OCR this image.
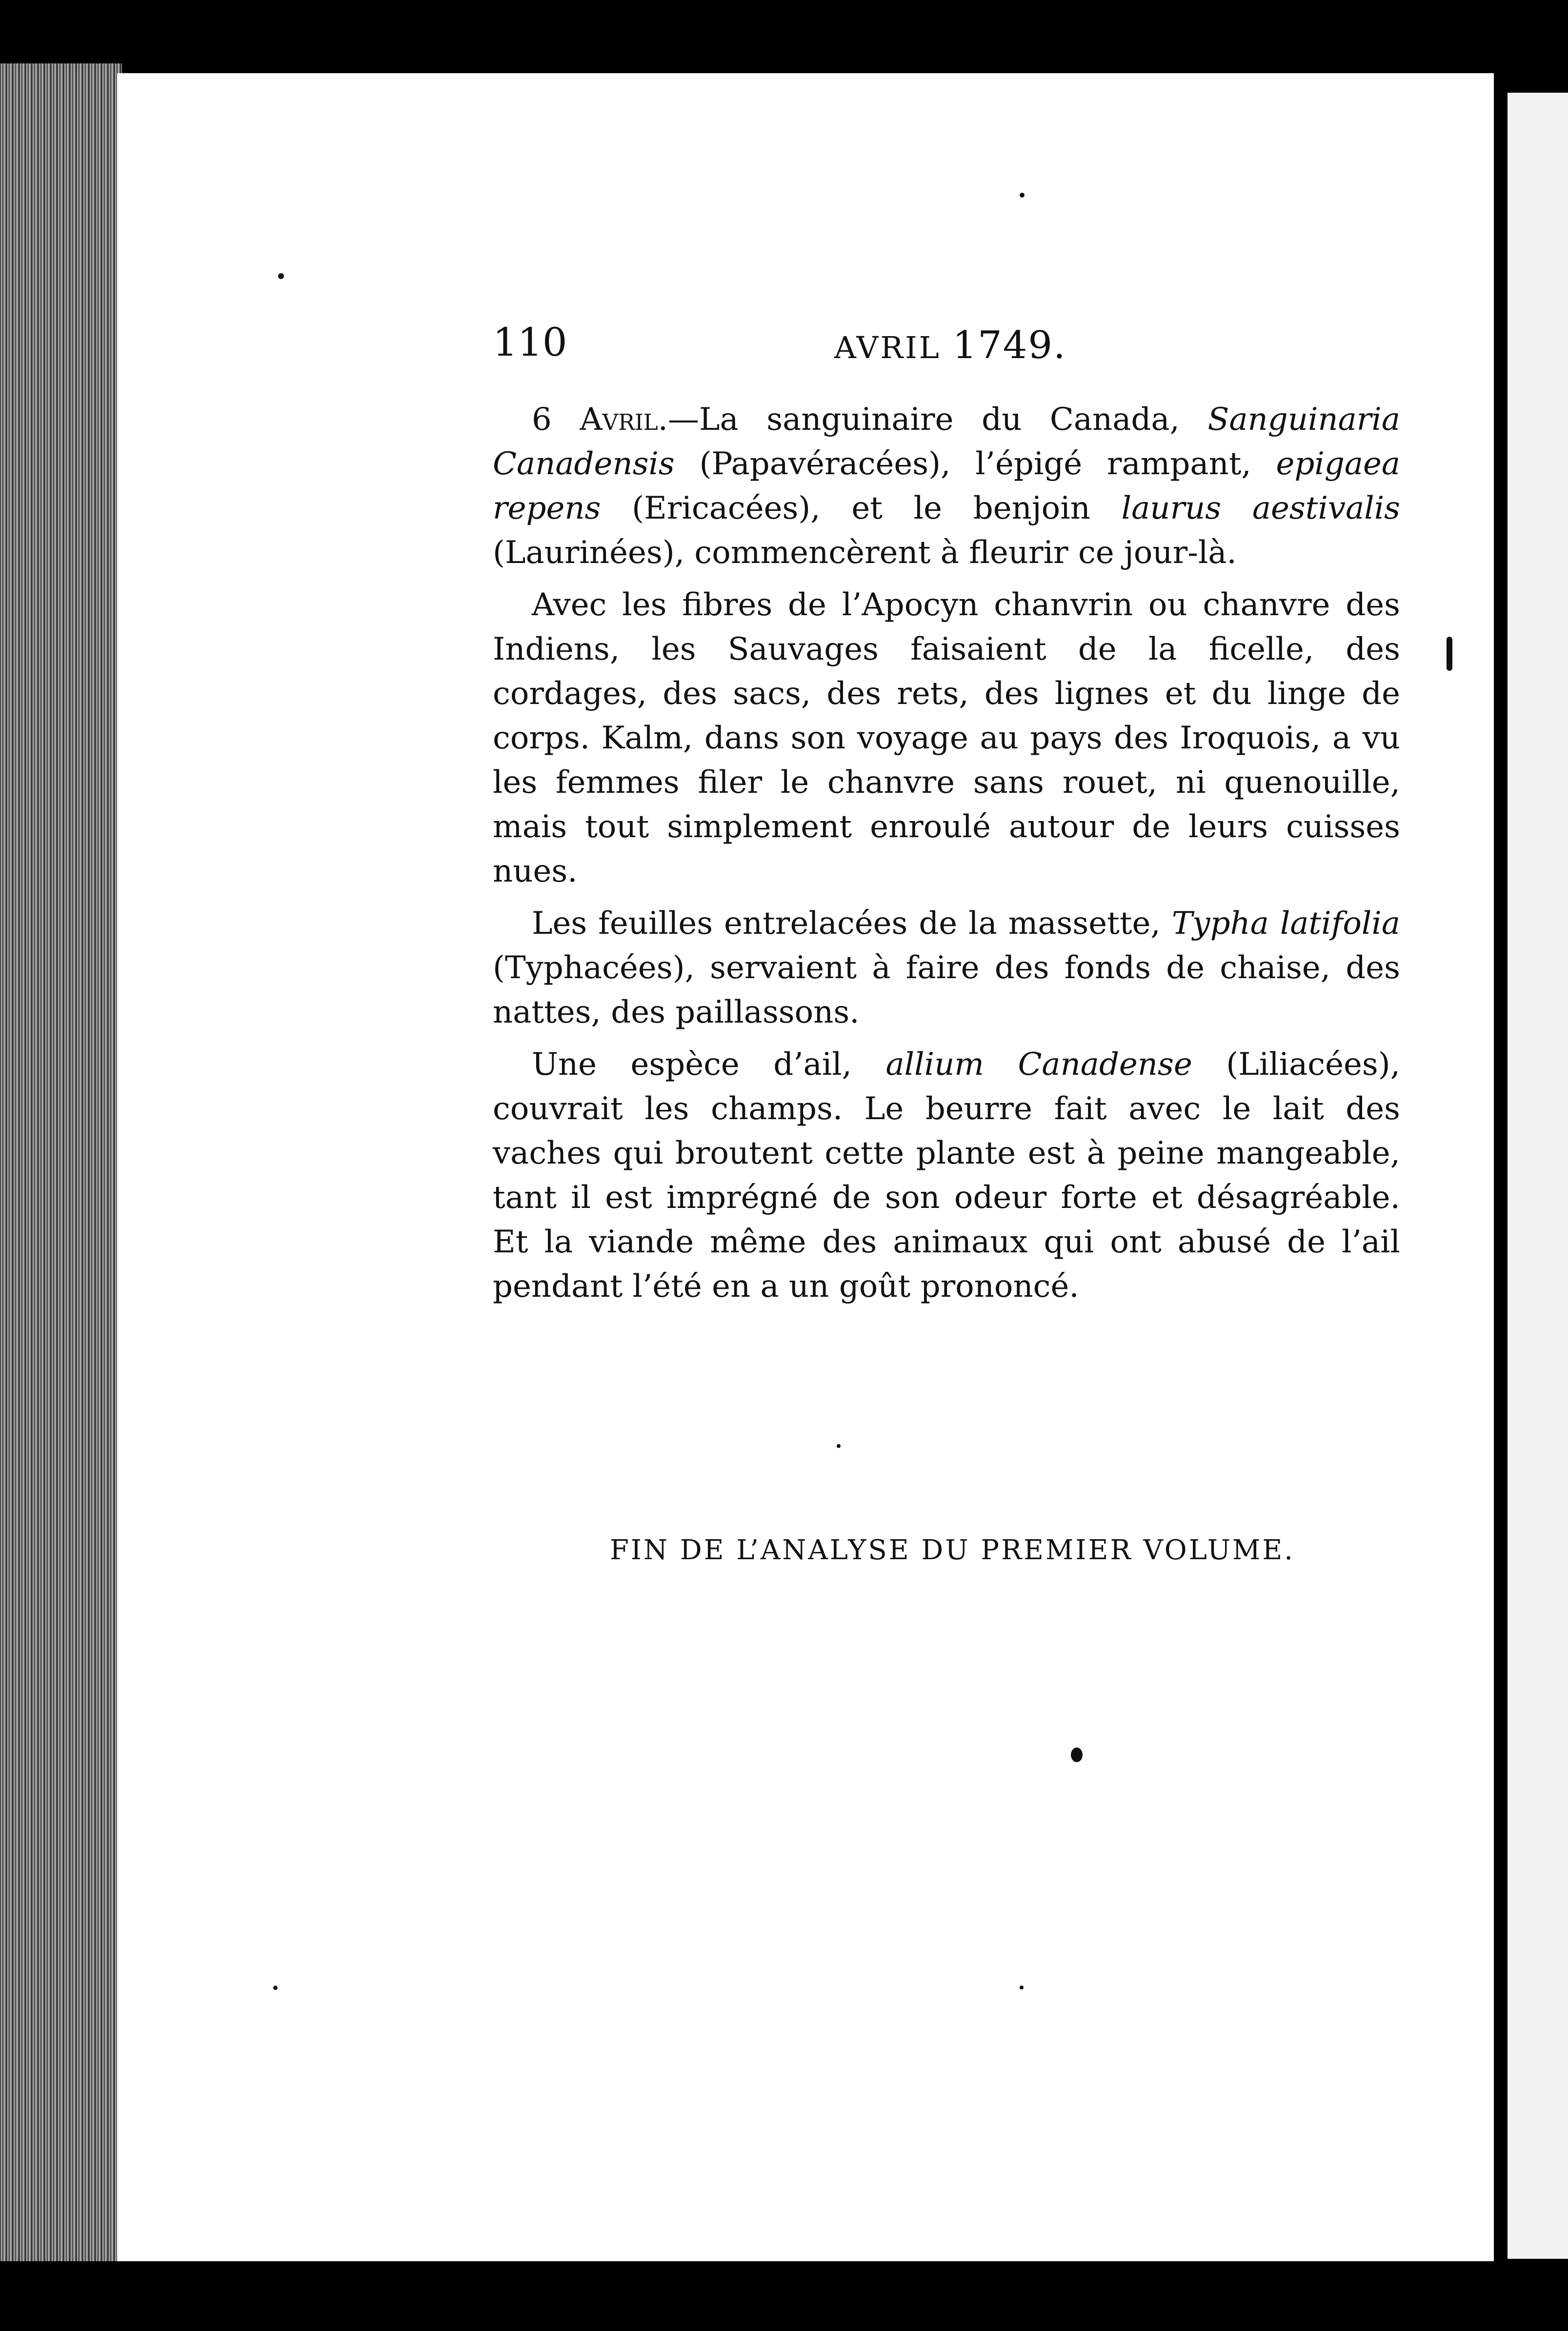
110	AVRIL 1749.

6 Avril.—La sanguinaire du Canada, Sanguinaria Canadensis (Papavéracées), l’épigé rampant, epigaea repens (Ericacées), et le benjoin laurus aestivalis (Laurinées), commencèrent à fleurir ce jour-là.

Avec les fibres de l’Apocyn chanvrin ou chanvre des Indiens, les Sauvages faisaient de la ficelle, des cordages, des sacs, des rets, des lignes et du linge de corps. Kalm, dans son voyage au pays des Iroquois, a vu les femmes filer le chanvre sans rouet, ni quenouille, mais tout simplement enroulé autour de leurs cuisses nues.

Les feuilles entrelacées de la massette, Typha latifolia (Typhacées), servaient à faire des fonds de chaise, des nattes, des paillassons.

Une espèce d’ail, allium Canadense (Liliacées), couvrait les champs. Le beurre fait avec le lait des vaches qui broutent cette plante est à peine mangeable, tant il est imprégné de son odeur forte et désagréable. Et la viande même des animaux qui ont abusé de l’ail pendant l’été en a un goût prononcé.

FIN DE L’ANALYSE DU PREMIER VOLUME.
